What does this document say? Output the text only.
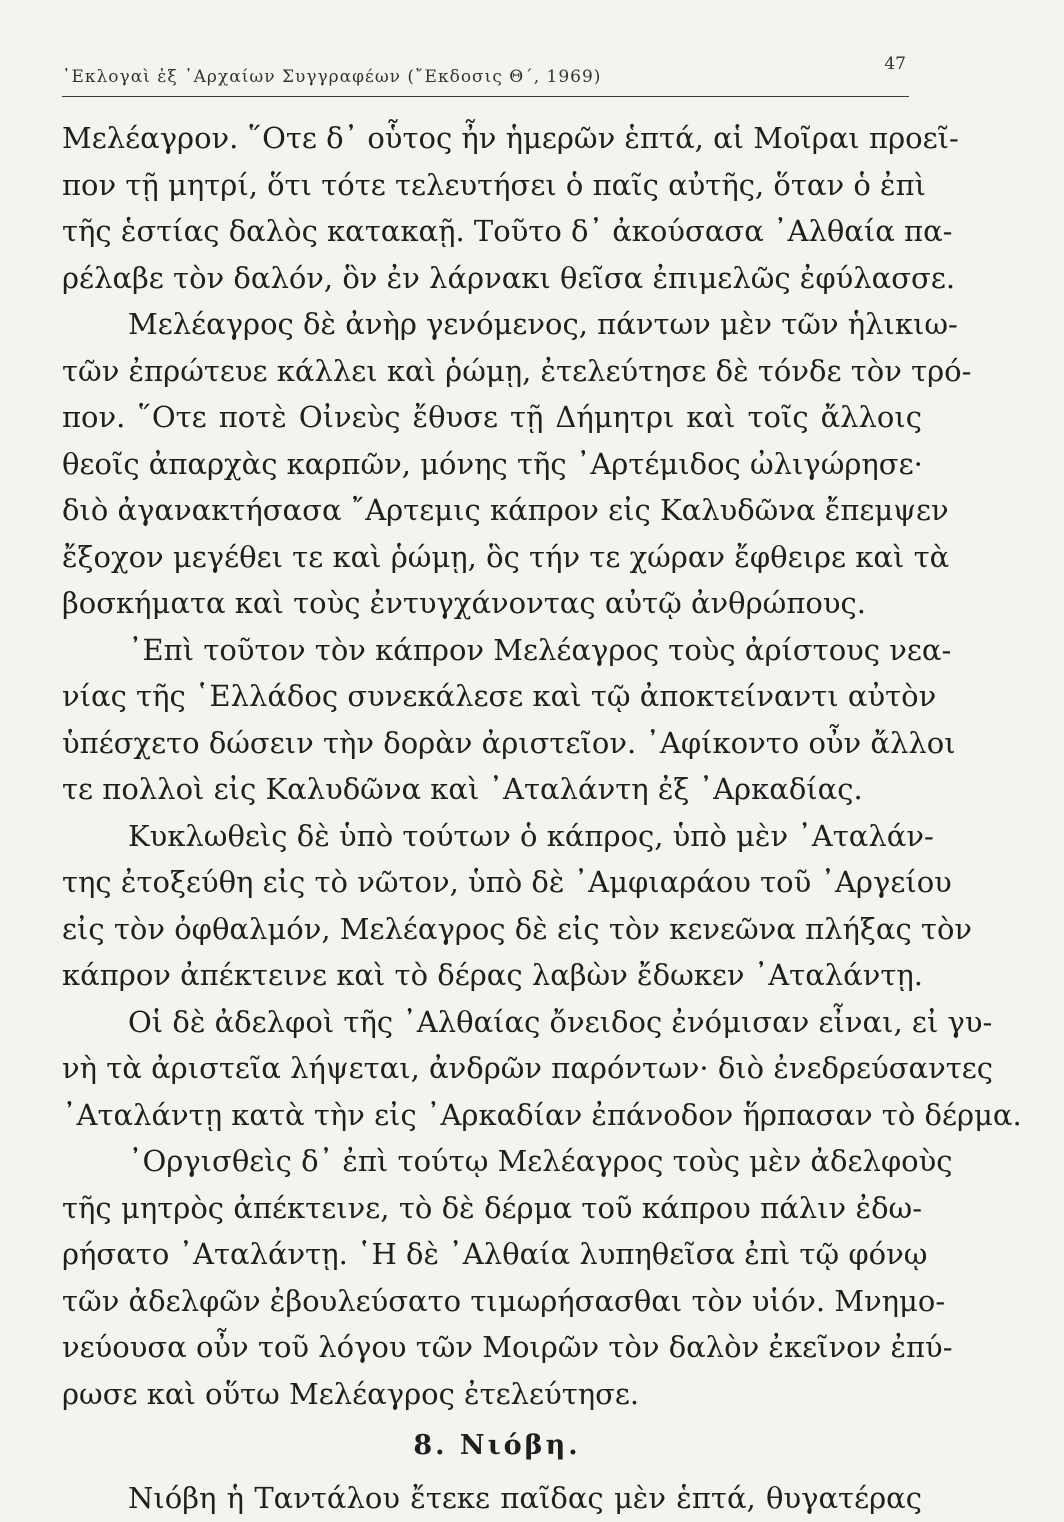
᾿Εκλογαὶ ἐξ ᾿Αρχαίων Συγγραφέων (῎Εκδοσις Θ΄, 1969)
47
Μελέαγρον. ῞Οτε δ᾿ οὗτος ἦν ἡμερῶν ἑπτά, αἱ Μοῖραι προεῖ-
πον τῇ μητρί, ὅτι τότε τελευτήσει ὁ παῖς αὐτῆς, ὅταν ὁ ἐπὶ
τῆς ἑστίας δαλὸς κατακαῇ. Τοῦτο δ᾿ ἀκούσασα ᾿Αλθαία πα-
ρέλαβε τὸν δαλόν, ὃν ἐν λάρνακι θεῖσα ἐπιμελῶς ἐφύλασσε.
Μελέαγρος δὲ ἀνὴρ γενόμενος, πάντων μὲν τῶν ἡλικιω-
τῶν ἐπρώτευε κάλλει καὶ ῥώμῃ, ἐτελεύτησε δὲ τόνδε τὸν τρό-
πον. ῞Οτε ποτὲ Οἰνεὺς ἔθυσε τῇ Δήμητρι καὶ τοῖς ἄλλοις
θεοῖς ἀπαρχὰς καρπῶν, μόνης τῆς ᾿Αρτέμιδος ὠλιγώρησε·
διὸ ἀγανακτήσασα ῎Αρτεμις κάπρον εἰς Καλυδῶνα ἔπεμψεν
ἔξοχον μεγέθει τε καὶ ῥώμῃ, ὃς τήν τε χώραν ἔφθειρε καὶ τὰ
βοσκήματα καὶ τοὺς ἐντυγχάνοντας αὐτῷ ἀνθρώπους.
᾿Επὶ τοῦτον τὸν κάπρον Μελέαγρος τοὺς ἀρίστους νεα-
νίας τῆς ῾Ελλάδος συνεκάλεσε καὶ τῷ ἀποκτείναντι αὐτὸν
ὑπέσχετο δώσειν τὴν δορὰν ἀριστεῖον. ᾿Αφίκοντο οὖν ἄλλοι
τε πολλοὶ εἰς Καλυδῶνα καὶ ᾿Αταλάντη ἐξ ᾿Αρκαδίας.
Κυκλωθεὶς δὲ ὑπὸ τούτων ὁ κάπρος, ὑπὸ μὲν ᾿Αταλάν-
της ἐτοξεύθη εἰς τὸ νῶτον, ὑπὸ δὲ ᾿Αμφιαράου τοῦ ᾿Αργείου
εἰς τὸν ὀφθαλμόν, Μελέαγρος δὲ εἰς τὸν κενεῶνα πλήξας τὸν
κάπρον ἀπέκτεινε καὶ τὸ δέρας λαβὼν ἔδωκεν ᾿Αταλάντῃ.
Οἱ δὲ ἀδελφοὶ τῆς ᾿Αλθαίας ὄνειδος ἐνόμισαν εἶναι, εἰ γυ-
νὴ τὰ ἀριστεῖα λήψεται, ἀνδρῶν παρόντων· διὸ ἐνεδρεύσαντες
᾿Αταλάντῃ κατὰ τὴν εἰς ᾿Αρκαδίαν ἐπάνοδον ἥρπασαν τὸ δέρμα.
᾿Οργισθεὶς δ᾿ ἐπὶ τούτῳ Μελέαγρος τοὺς μὲν ἀδελφοὺς
τῆς μητρὸς ἀπέκτεινε, τὸ δὲ δέρμα τοῦ κάπρου πάλιν ἐδω-
ρήσατο ᾿Αταλάντῃ. ῾Η δὲ ᾿Αλθαία λυπηθεῖσα ἐπὶ τῷ φόνῳ
τῶν ἀδελφῶν ἐβουλεύσατο τιμωρήσασθαι τὸν υἱόν. Μνημο-
νεύουσα οὖν τοῦ λόγου τῶν Μοιρῶν τὸν δαλὸν ἐκεῖνον ἐπύ-
ρωσε καὶ οὕτω Μελέαγρος ἐτελεύτησε.
8. Νιόβη.
Νιόβη ἡ Ταντάλου ἔτεκε παῖδας μὲν ἑπτά, θυγατέρας
